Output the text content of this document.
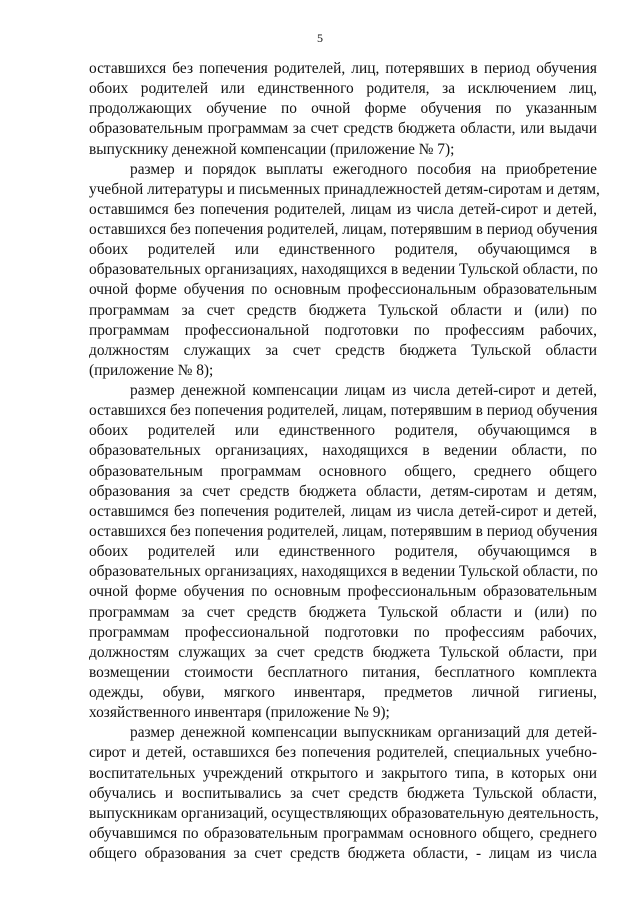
5
оставшихся без попечения родителей, лиц, потерявших в период обучения
обоих родителей или единственного родителя, за исключением лиц,
продолжающих обучение по очной форме обучения по указанным
образовательным программам за счет средств бюджета области, или выдачи
выпускнику денежной компенсации (приложение № 7);
размер и порядок выплаты ежегодного пособия на приобретение
учебной литературы и письменных принадлежностей детям-сиротам и детям,
оставшимся без попечения родителей, лицам из числа детей-сирот и детей,
оставшихся без попечения родителей, лицам, потерявшим в период обучения
обоих родителей или единственного родителя, обучающимся в
образовательных организациях, находящихся в ведении Тульской области, по
очной форме обучения по основным профессиональным образовательным
программам за счет средств бюджета Тульской области и (или) по
программам профессиональной подготовки по профессиям рабочих,
должностям служащих за счет средств бюджета Тульской области
(приложение № 8);
размер денежной компенсации лицам из числа детей-сирот и детей,
оставшихся без попечения родителей, лицам, потерявшим в период обучения
обоих родителей или единственного родителя, обучающимся в
образовательных организациях, находящихся в ведении области, по
образовательным программам основного общего, среднего общего
образования за счет средств бюджета области, детям-сиротам и детям,
оставшимся без попечения родителей, лицам из числа детей-сирот и детей,
оставшихся без попечения родителей, лицам, потерявшим в период обучения
обоих родителей или единственного родителя, обучающимся в
образовательных организациях, находящихся в ведении Тульской области, по
очной форме обучения по основным профессиональным образовательным
программам за счет средств бюджета Тульской области и (или) по
программам профессиональной подготовки по профессиям рабочих,
должностям служащих за счет средств бюджета Тульской области, при
возмещении стоимости бесплатного питания, бесплатного комплекта
одежды, обуви, мягкого инвентаря, предметов личной гигиены,
хозяйственного инвентаря (приложение № 9);
размер денежной компенсации выпускникам организаций для детей-
сирот и детей, оставшихся без попечения родителей, специальных учебно-
воспитательных учреждений открытого и закрытого типа, в которых они
обучались и воспитывались за счет средств бюджета Тульской области,
выпускникам организаций, осуществляющих образовательную деятельность,
обучавшимся по образовательным программам основного общего, среднего
общего образования за счет средств бюджета области, - лицам из числа
